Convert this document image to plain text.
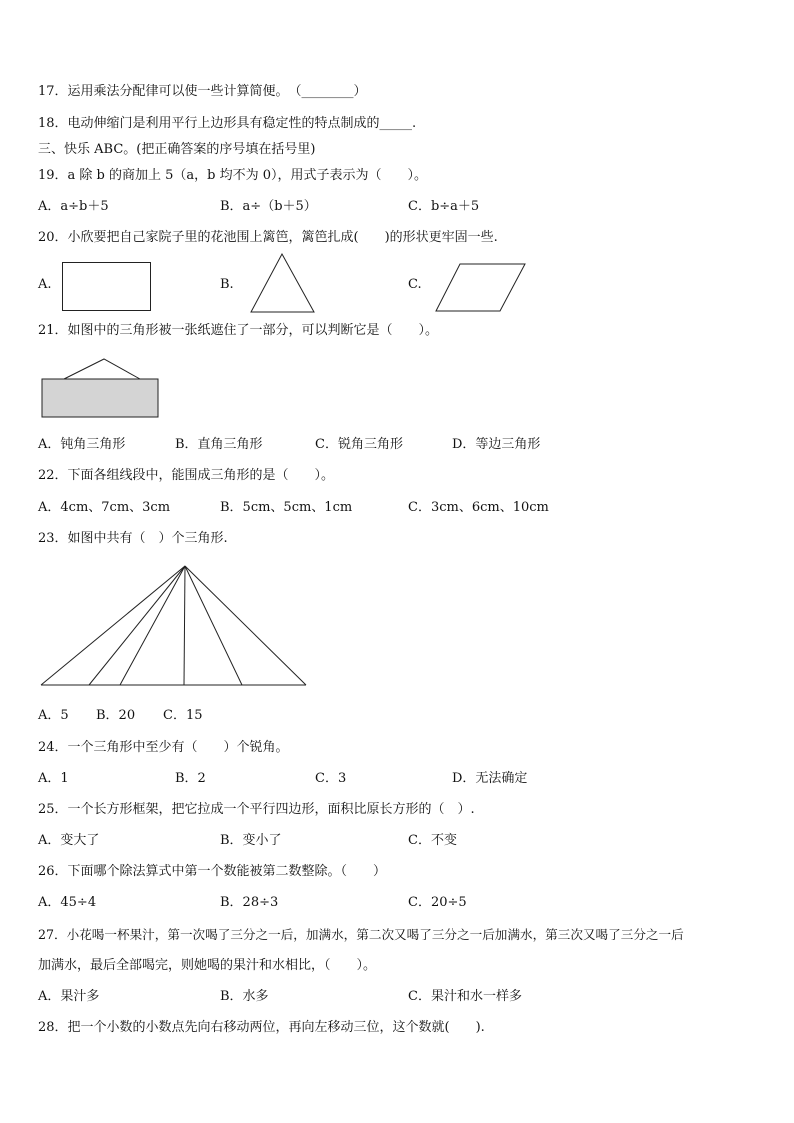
17．运用乘法分配律可以使一些计算简便。　（________）
18．电动伸缩门是利用平行上边形具有稳定性的特点制成的_____.
三、快乐 ABC。(把正确答案的序号填在括号里)
19．a 除 b 的商加上 5（a，b 均不为 0），用式子表示为（　　）。
A．a÷b＋5	B．a÷（b＋5）	C．b÷a＋5
20．小欣要把自己家院子里的花池围上篱笆，篱笆扎成(　　)的形状更牢固一些.
A.	B.	C.
21．如图中的三角形被一张纸遮住了一部分，可以判断它是（　　）。
A．钝角三角形	B．直角三角形	C．锐角三角形	D．等边三角形
22．下面各组线段中，能围成三角形的是（　　）。
A．4cm、7cm、3cm	B．5cm、5cm、1cm	C．3cm、6cm、10cm
23．如图中共有（　）个三角形.
A．5 B．20 C．15
24．一个三角形中至少有（　　）个锐角。
A．1	B．2	C．3	D．无法确定
25．一个长方形框架，把它拉成一个平行四边形，面积比原长方形的（　）.
A．变大了	B．变小了	C．不变
26．下面哪个除法算式中第一个数能被第二数整除。（　　）
A．45÷4	B．28÷3	C．20÷5
27．小花喝一杯果汁，第一次喝了三分之一后，加满水，第二次又喝了三分之一后加满水，第三次又喝了三分之一后
加满水，最后全部喝完，则她喝的果汁和水相比，（　　）。
A．果汁多	B．水多	C．果汁和水一样多
28．把一个小数的小数点先向右移动两位，再向左移动三位，这个数就(　　).
